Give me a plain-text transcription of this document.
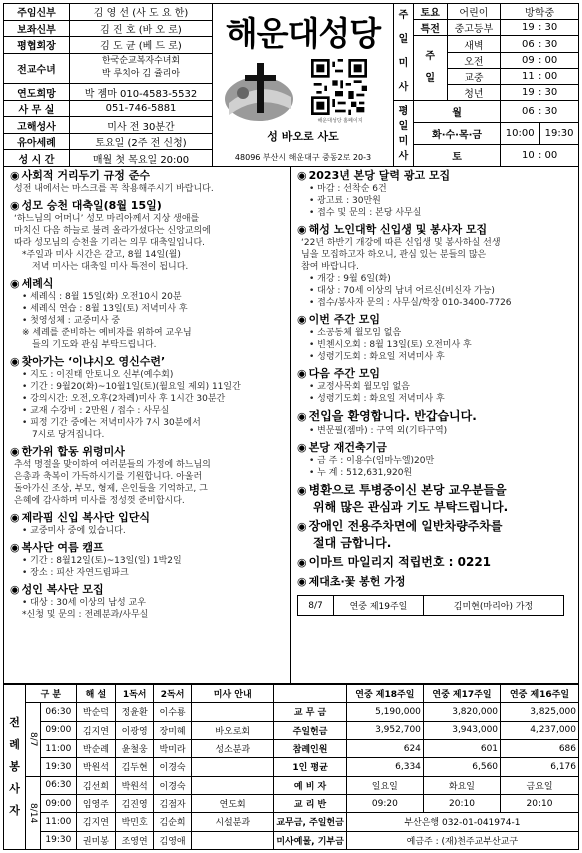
주임신부	김 영 선 (사 도 요 한)
보좌신부	김 진 호 (바 오 로)
평협회장	김 도 균 (베 드 로)
전교수녀	한국순교복자수녀회
박 루치아 김 쥴리아

연도희망	박 젬마 010-4583-5532
사 무 실	051-746-5881
고해성사	미사 전 30분간
유아세례	토요일 (2주 전 신청)
성 시 간	매월 첫 목요일 20:00
해운대성당
해운대성당 홈페이지
성 바오로 사도
48096 부산시 해운대구 중동2로 20-3
주
일
미
사	토요	어린이	방학중	
	특전	중고등부	19 : 30	

	주
일	새벽	06 : 30	
		오전	09 : 00	
		교중	11 : 00	
		청년	19 : 30	

평
일
미
사	월		06 : 30	
	화·수·목·금		10:00	19:30
	토		10 : 00	
◉ 사회적 거리두기 규정 준수
성전 내에서는 마스크를 꼭 착용해주시기 바랍니다.
◉ 성모 승천 대축일(8월 15일)
‘하느님의 어머니’ 성모 마리아께서 지상 생애를
마치신 다음 하늘로 불려 올라가셨다는 신앙교의에
따라 성모님의 승천을 기리는 의무 대축일입니다.
*주일과 미사 시간은 같고, 8월 14일(월)
저녁 미사는 대축일 미사 특전이 됩니다.
◉ 세례식
• 세례식 : 8월 15일(화) 오전10시 20분
• 세례식 연습 : 8월 13일(토) 저녁미사 후
• 첫영성체 : 교중미사 중
※ 세례를 준비하는 예비자를 위하여 교우님
들의 기도와 관심 부탁드립니다.
◉ 찾아가는 ‘이냐시오 영신수련’
• 지도 : 이진태 안토니오 신부(예수회)
• 기간 : 9월20(화)~10월1일(토)(월요일 제외) 11일간
• 강의시간: 오전,오후(2차례)미사 후 1시간 30분간
• 교재 수강비 : 2만원 / 접수 : 사무실
• 피정 기간 중에는 저녁미사가 7시 30분에서
7시로 당겨집니다.
◉ 한가위 합동 위령미사
추석 명절을 맞이하여 여러분들의 가정에 하느님의
은총과 축복이 가득하시기를 기원합니다. 아울러
돌아가신 조상, 부모, 형제, 은인들을 기억하고, 그
은혜에 감사하며 미사를 정성껏 준비합시다.
◉ 제라핌 신입 복사단 입단식
• 교중미사 중에 있습니다.
◉ 복사단 여름 캠프
• 기간 : 8월12일(토)~13일(일) 1박2일
• 장소 : 피산 자연드림파크
◉ 성인 복사단 모집
• 대상 : 30세 이상의 남성 교우
*신청 및 문의 : 전례분과/사무실
◉ 2023년 본당 달력 광고 모집
• 마감 : 선착순 6건
• 광고료 : 30만원
• 접수 및 문의 : 본당 사무실
◉ 해성 노인대학 신입생 및 봉사자 모집
‘22년 하반기 개강에 따른 신입생 및 봉사하실 선생
님을 모집하고자 하오니, 관심 있는 분들의 많은
참여 바랍니다.
• 개강 : 9월 6일(화)
• 대상 : 70세 이상의 남녀 어르신(비신자 가능)
• 접수/봉사자 문의 : 사무실/학장 010-3400-7726
◉ 이번 주간 모임
• 소공동체 월모임 없음
• 빈첸시오회 : 8월 13일(토) 오전미사 후
• 성령기도회 : 화요일 저녁미사 후
◉ 다음 주간 모임
• 교정사목회 월모임 없음
• 성령기도회 : 화요일 저녁미사 후
◉ 전입을 환영합니다. 반갑습니다.
• 변문필(젬마) : 구역 외(기타구역)
◉ 본당 재건축기금
• 금 주 : 이용수(임마누엘)20만
• 누 계 : 512,631,920원
◉ 병환으로 투병중이신 본당 교우분들을
위해 많은 관심과 기도 부탁드립니다.
◉ 장애인 전용주차면에 일반차량주차를
절대 금합니다.
◉ 이마트 마일리지 적립번호 : 0221
◉ 제대초·꽃 봉헌 가정
8/7	연중 제19주일	김미현(마리아) 가정
전
례
봉
사
자	구 분		해 설	1독서	2독서	미사 안내		연중 제18주일	연중 제17주일	연중 제16주일

	8/7	06:30	박순덕	정윤환	이수룡		교 무 금	5,190,000	3,820,000	3,825,000
		09:00	김지연	이광영	장미혜	바오로회	주일헌금	3,952,700	3,943,000	4,237,000
		11:00	박순례	윤철웅	박미라	성소분과	참례인원	624	601	686
		19:30	박원석	김두현	이경숙		1인 평균	6,334	6,560	6,176

	8/14	06:30	김선희	박원석	이경숙		예 비 자	일요일	화요일	금요일
		09:00	임영주	김진영	김점자	연도회	교 리 반	09:20	20:10	20:10
		11:00	김지연	박민호	김순희	시설분과	교무금, 주일헌금	부산은행 032-01-041974-1		
		19:30	권미봉	조영연	김영애		미사예물, 기부금	예금주 : (재)천주교부산교구		
